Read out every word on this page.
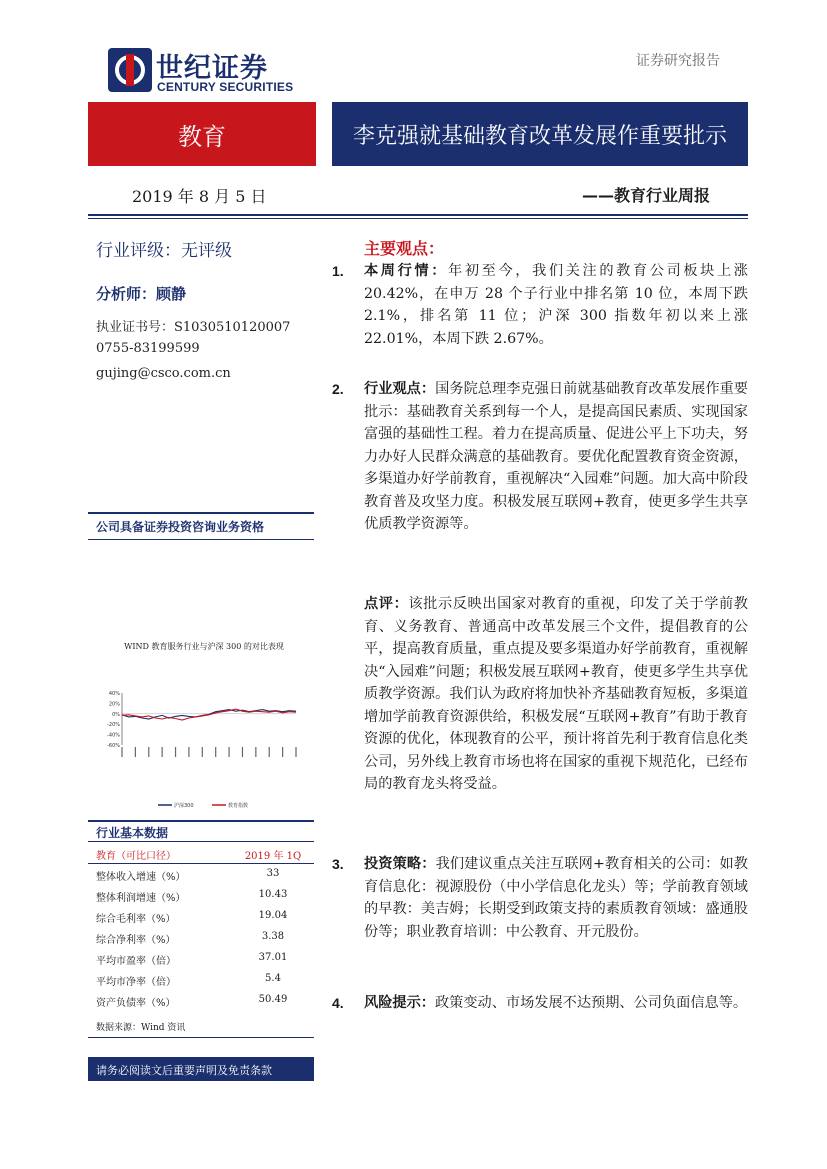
世纪证券
CENTURY SECURITIES
证券研究报告
教育	李克强就基础教育改革发展作重要批示
2019 年 8 月 5 日	——教育行业周报
行业评级：无评级
分析师：顾静
执业证书号：S1030510120007
0755-83199599
gujing@csco.com.cn
公司具备证券投资咨询业务资格
WIND 教育服务行业与沪深 300 的对比表现
40%
20%
0%
-20%
-40%
-60%
沪深300	教育指数
行业基本数据
教育（可比口径）	2019 年 1Q
整体收入增速（%）	33
整体利润增速（%）	10.43
综合毛利率（%）	19.04
综合净利率（%）	3.38
平均市盈率（倍）	37.01
平均市净率（倍）	5.4
资产负债率（%）	50.49
数据来源：Wind 资讯
请务必阅读文后重要声明及免责条款
主要观点：
1. 本周行情：年初至今，我们关注的教育公司板块上涨 20.42%，在申万 28 个子行业中排名第 10 位，本周下跌 2.1%，排名第 11 位；沪深 300 指数年初以来上涨 22.01%，本周下跌 2.67%。
2. 行业观点：国务院总理李克强日前就基础教育改革发展作重要批示：基础教育关系到每一个人，是提高国民素质、实现国家富强的基础性工程。着力在提高质量、促进公平上下功夫，努力办好人民群众满意的基础教育。要优化配置教育资金资源，多渠道办好学前教育，重视解决“入园难”问题。加大高中阶段教育普及攻坚力度。积极发展互联网+教育，使更多学生共享优质教学资源等。
点评：该批示反映出国家对教育的重视，印发了关于学前教育、义务教育、普通高中改革发展三个文件，提倡教育的公平，提高教育质量，重点提及要多渠道办好学前教育，重视解决“入园难”问题；积极发展互联网+教育，使更多学生共享优质教学资源。我们认为政府将加快补齐基础教育短板，多渠道增加学前教育资源供给，积极发展“互联网+教育”有助于教育资源的优化，体现教育的公平，预计将首先利于教育信息化类公司，另外线上教育市场也将在国家的重视下规范化，已经布局的教育龙头将受益。
3. 投资策略：我们建议重点关注互联网+教育相关的公司：如教育信息化：视源股份（中小学信息化龙头）等；学前教育领域的早教：美吉姆；长期受到政策支持的素质教育领域：盛通股份等；职业教育培训：中公教育、开元股份。
4. 风险提示：政策变动、市场发展不达预期、公司负面信息等。
